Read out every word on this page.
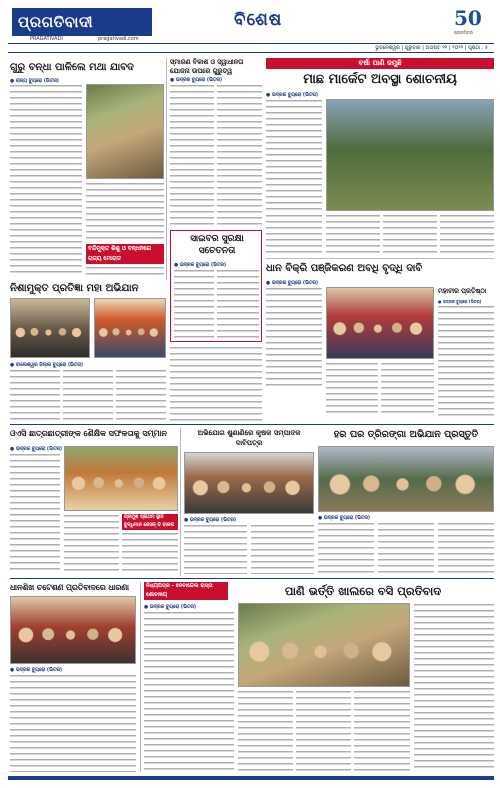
ପ୍ରଗତିବାଦୀ
PRAGATIVADI	pragativadi.com
ବିଶେଷ	50
ପ୍ରଗତିବାଦୀ
ଭୁବନେଶ୍ୱର | ଗୁରୁବାର | ଅଗଷ୍ଟ ୧୧ | ୨୦୨୨ | ପୃଷ୍ଠା : ୫
ଗୁରୁ ବନ୍ଧା ପାଳିଲେ ମଥା ଯାବଦ
● ରାଜ୍ୟ ବ୍ୟୁରୋ (ଭିତର)
ବନ୍ଦିମୁକ୍ତ ଶିଶୁ ଓ ବନ୍ଧନରେ ରାଜ୍ୟ ମୋରାଡ
ସ୍ମାରଣ ବିକାଶ ଓ ସ୍ୱାଧୀନତା ଯୋଜନା ଉପରେ ଗୁରୁତ୍ୱ
● ଭଦ୍ରକ ବ୍ୟୁରୋ (ଭିତର)
ସାଇବର ସୁରକ୍ଷା ସଚେତନତା
● ଭଦ୍ରକ ବ୍ୟୁରୋ (ଭିତର)
ବର୍ଷା ପାଣି ଜମୁଛି
ମାଛ ମାର୍କେଟ ଅବସ୍ଥା ଶୋଚନୀୟ
● ଭଦ୍ରକ ବ୍ୟୁରୋ (ଭିତର)
ଧାନ ବିକ୍ରି ପଞ୍ଜିକରଣ ଅବଧି ବୃଦ୍ଧି ଦାବି
● ଭଦ୍ରକ ବ୍ୟୁରୋ (ଭିତର)
ମହାବୀର ପ୍ରତିଷ୍ଠା
● ଭଦ୍ରକ ବ୍ୟୁରୋ (ଭିତର)
ନିଶାମୁକ୍ତ ପ୍ରତିଜ୍ଞା ମହା ଅଭିଯାନ
● ବାଲେଶ୍ୱର ଜିଲ୍ଲା ବ୍ୟୁରୋ (ଭିତର)
ଓଏସି ଛାତ୍ରଛାତ୍ରୀଙ୍କ ଶୈକ୍ଷିକ ସଫଳତାକୁ ସମ୍ମାନ
● ଭଦ୍ରକ ବ୍ୟୁରୋ (ଭିତର)
ପ୍ରମୁଖ ପ୍ରଥମ ସ୍ଥାନ ବୁଦ୍ଧିମାନ ଜେସନ୍ ଡି ବାଳକ
ଅଭିଯୋଗ ଶୁଣାଣିରେ କୃଷକ ସମ୍ପାଦକ ଦାବିପତ୍ର
● ଭଦ୍ରକ ବ୍ୟୁରୋ (ଭିତର)
ହର ଘର ତ୍ରିରଙ୍ଗା ଅଭିଯାନ ପ୍ରସ୍ତୁତି
● ଭଦ୍ରକ ବ୍ୟୁରୋ (ଭିତର)
ଧାନଶିଖ ଚଟେଶଣ ପ୍ରତିବାଦରେ ଧାରଣା
● ଭଦ୍ରକ ବ୍ୟୁରୋ (ଭିତର)
ନିଧ୍ୟପତ୍ର - ଦେବାନ୍ଦେଲ ରାସ୍ତା ଶୋଚନୀୟ	ପାଣି ଭର୍ତ୍ତି ଖାଲରେ ବସି ପ୍ରତିବାଦ
● ଭଦ୍ରକ ବ୍ୟୁରୋ (ଭିତର)
